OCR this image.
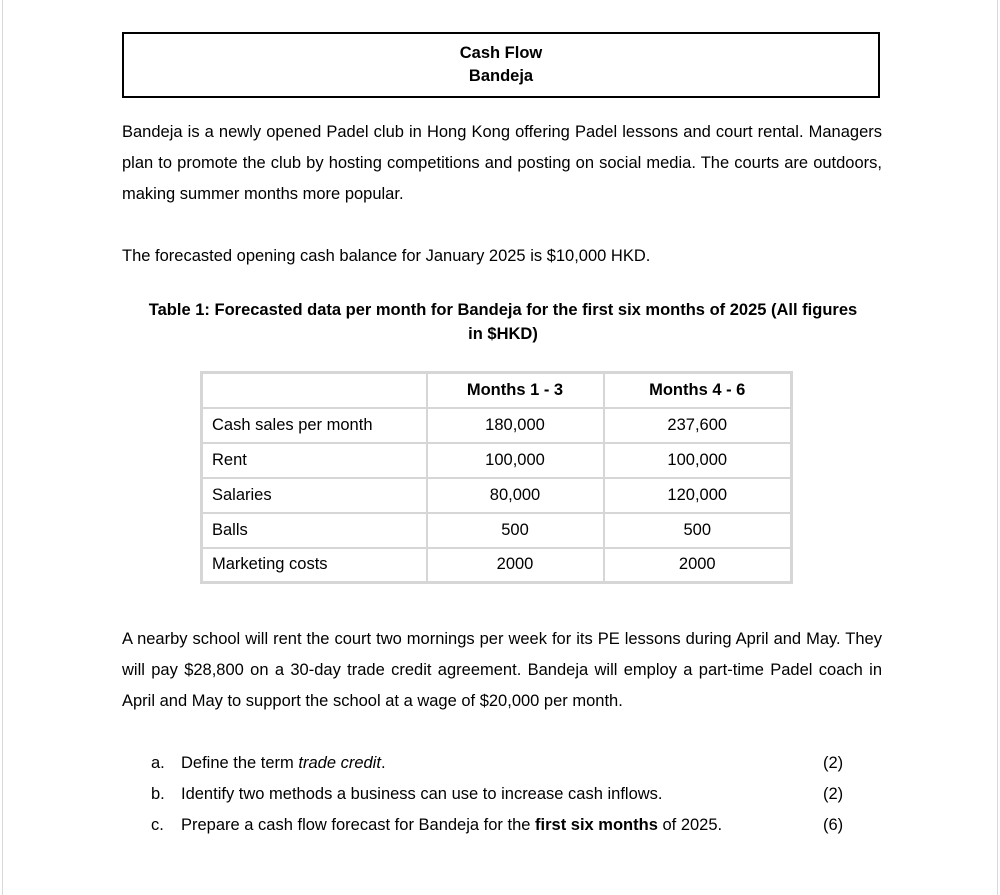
Cash Flow
Bandeja

Bandeja is a newly opened Padel club in Hong Kong offering Padel lessons and court rental. Managers plan to promote the club by hosting competitions and posting on social media. The courts are outdoors, making summer months more popular.

The forecasted opening cash balance for January 2025 is $10,000 HKD.

Table 1: Forecasted data per month for Bandeja for the first six months of 2025 (All figures in $HKD)
	Months 1 - 3	Months 4 - 6
Cash sales per month	180,000	237,600
Rent	100,000	100,000
Salaries	80,000	120,000
Balls	500	500
Marketing costs	2000	2000

A nearby school will rent the court two mornings per week for its PE lessons during April and May. They will pay $28,800 on a 30-day trade credit agreement. Bandeja will employ a part-time Padel coach in April and May to support the school at a wage of $20,000 per month.

a. Define the term trade credit.	(2)
b. Identify two methods a business can use to increase cash inflows.	(2)
c.	Prepare a cash flow forecast for Bandeja for the first six months of 2025.	(6)
